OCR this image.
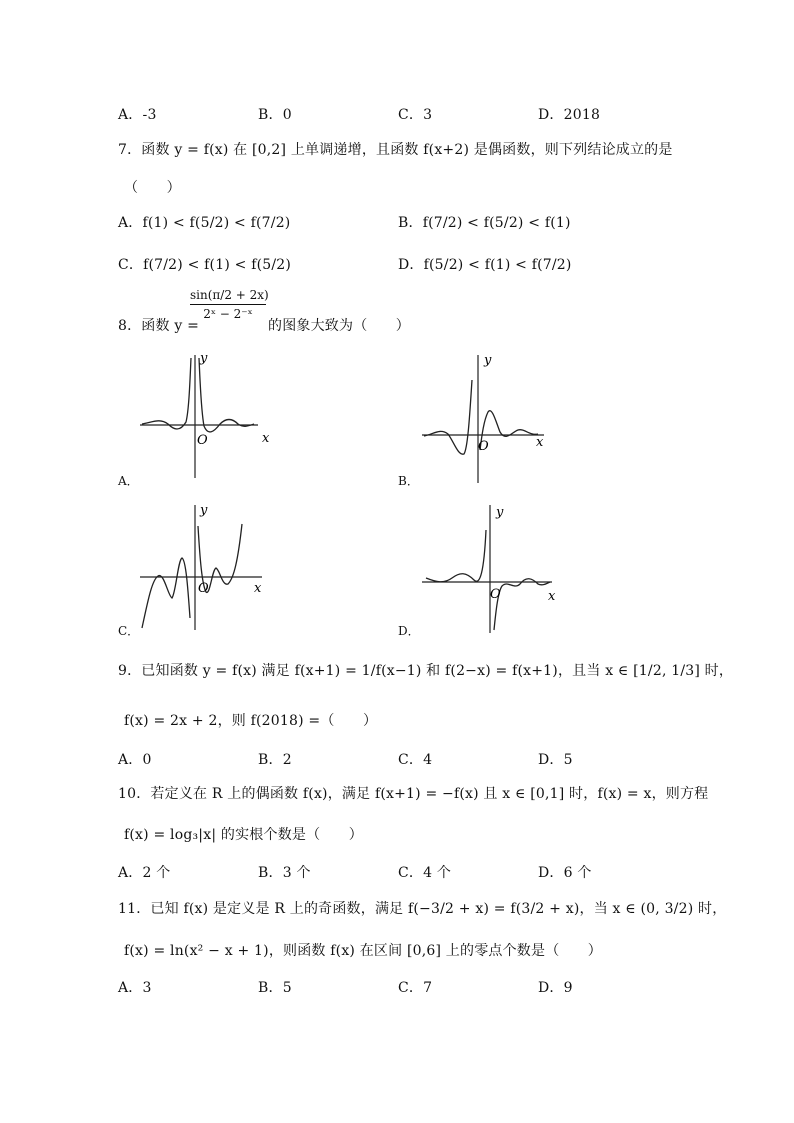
A．-3	B．0	C．3	D．2018
7．函数 y = f(x) 在 [0,2] 上单调递增，且函数 f(x+2) 是偶函数，则下列结论成立的是
（　　）
A．f(1) < f(5/2) < f(7/2)	B．f(7/2) < f(5/2) < f(1)
C．f(7/2) < f(1) < f(5/2)	D．f(5/2) < f(1) < f(7/2)
8．函数 y =
sin(π/2 + 2x)
2ˣ − 2⁻ˣ
的图象大致为（　　）
x
y
O
A．
x
y
O
B．
x
y
O
C．
x
y
O
D．
9．已知函数 y = f(x) 满足 f(x+1) = 1/f(x−1) 和 f(2−x) = f(x+1)，且当 x ∈ [1/2, 1/3] 时，
f(x) = 2x + 2，则 f(2018) =（　　）
A．0	B．2	C．4	D．5
10．若定义在 R 上的偶函数 f(x)，满足 f(x+1) = −f(x) 且 x ∈ [0,1] 时，f(x) = x，则方程
f(x) = log₃|x| 的实根个数是（　　）
A．2 个	B．3 个	C．4 个	D．6 个
11．已知 f(x) 是定义是 R 上的奇函数，满足 f(−3/2 + x) = f(3/2 + x)，当 x ∈ (0, 3/2) 时，
f(x) = ln(x² − x + 1)，则函数 f(x) 在区间 [0,6] 上的零点个数是（　　）
A．3	B．5	C．7	D．9
